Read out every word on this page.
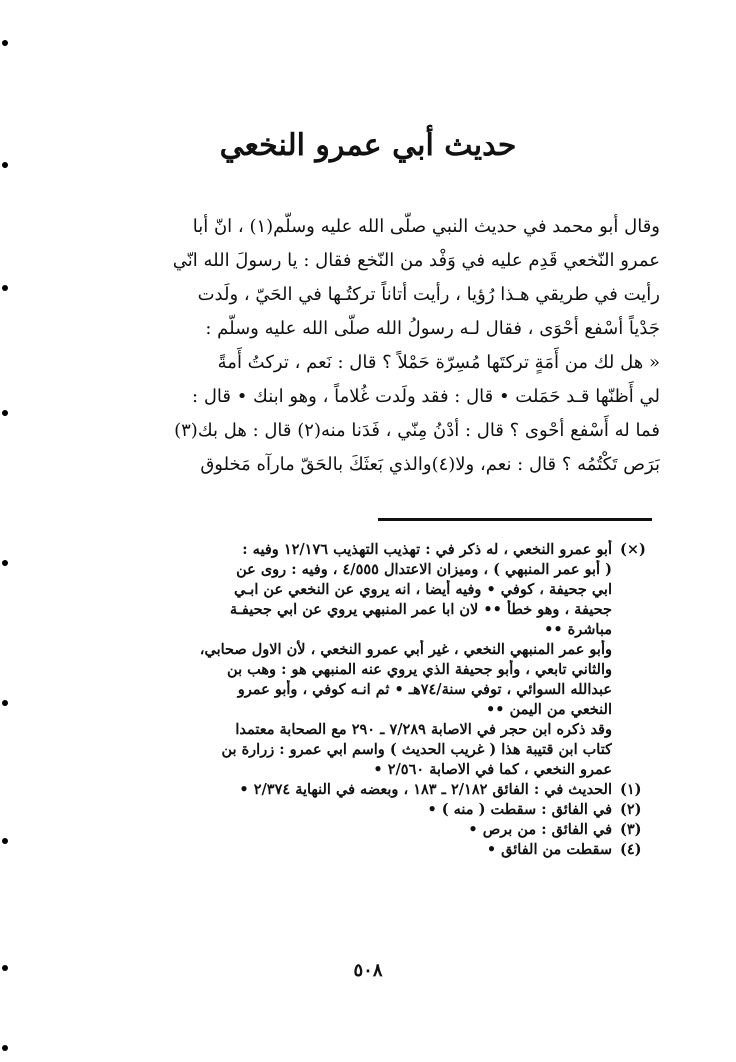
حديث أبي عمرو النخعي
وقال أبو محمد في حديث النبي صلّى الله عليه وسلّم(١) ، انّ أبا
عمرو النّخعي قَدِم عليه في وَفْد من النّخع فقال : يا رسولَ الله انّي
رأيت في طريقي هـذا رُؤيا ، رأيت أتاناً تركتُـها في الحَيّ ، ولَدت
جَدْياً أسْفع أحْوَى ، فقال لـه رسولُ الله صلّى الله عليه وسلّم :
« هل لك من أَمَةٍ تركتَها مُسِرّة حَمْلاً ؟ قال : نَعم ، تركتُ أَمةً
لي أَظنّها قـد حَمَلت • قال : فقد ولَدت غُلاماً ، وهو ابنك • قال :
فما له أَسْفع أحْوى ؟ قال : أدْنُ مِنّي ، فَدَنا منه(٢) قال : هل بك(٣)
بَرَص تَكْتُمُه ؟ قال : نعم، ولا(٤)والذي بَعثَكَ بالحَقّ مارآه مَخلوق
(×)
أبو عمرو النخعي ، له ذكر في : تهذيب التهذيب ١٢/١٧٦ وفيه :
( أبو عمر المنبهي ) ، وميزان الاعتدال ٤/٥٥٥ ، وفيه : روى عن
ابي جحيفة ، كوفي • وفيه أيضا ، انه يروي عن النخعي عن ابـي
جحيفة ، وهو خطأ •• لان ابا عمر المنبهي يروي عن ابي جحيفـة
مباشرة ••
وأبو عمر المنبهي النخعي ، غير أبي عمرو النخعي ، لأن الاول صحابي،
والثاني تابعي ، وأبو جحيفة الذي يروي عنه المنبهي هو : وهب بن
عبدالله السوائي ، توفي سنة/٧٤هـ • ثم انـه كوفي ، وأبو عمرو
النخعي من اليمن ••
وقد ذكره ابن حجر في الاصابة ٧/٢٨٩ ـ ٢٩٠ مع الصحابة معتمدا
كتاب ابن قتيبة هذا ( غريب الحديث ) واسم ابي عمرو : زرارة بن
عمرو النخعي ، كما في الاصابة ٢/٥٦٠ •
(١)
الحديث في : الفائق ٢/١٨٢ ـ ١٨٣ ، وبعضه في النهاية ٢/٣٧٤ •
(٢)
في الفائق : سقطت ( منه ) •
(٣)
في الفائق : من برص •
(٤)
سقطت من الفائق •
٥٠٨
